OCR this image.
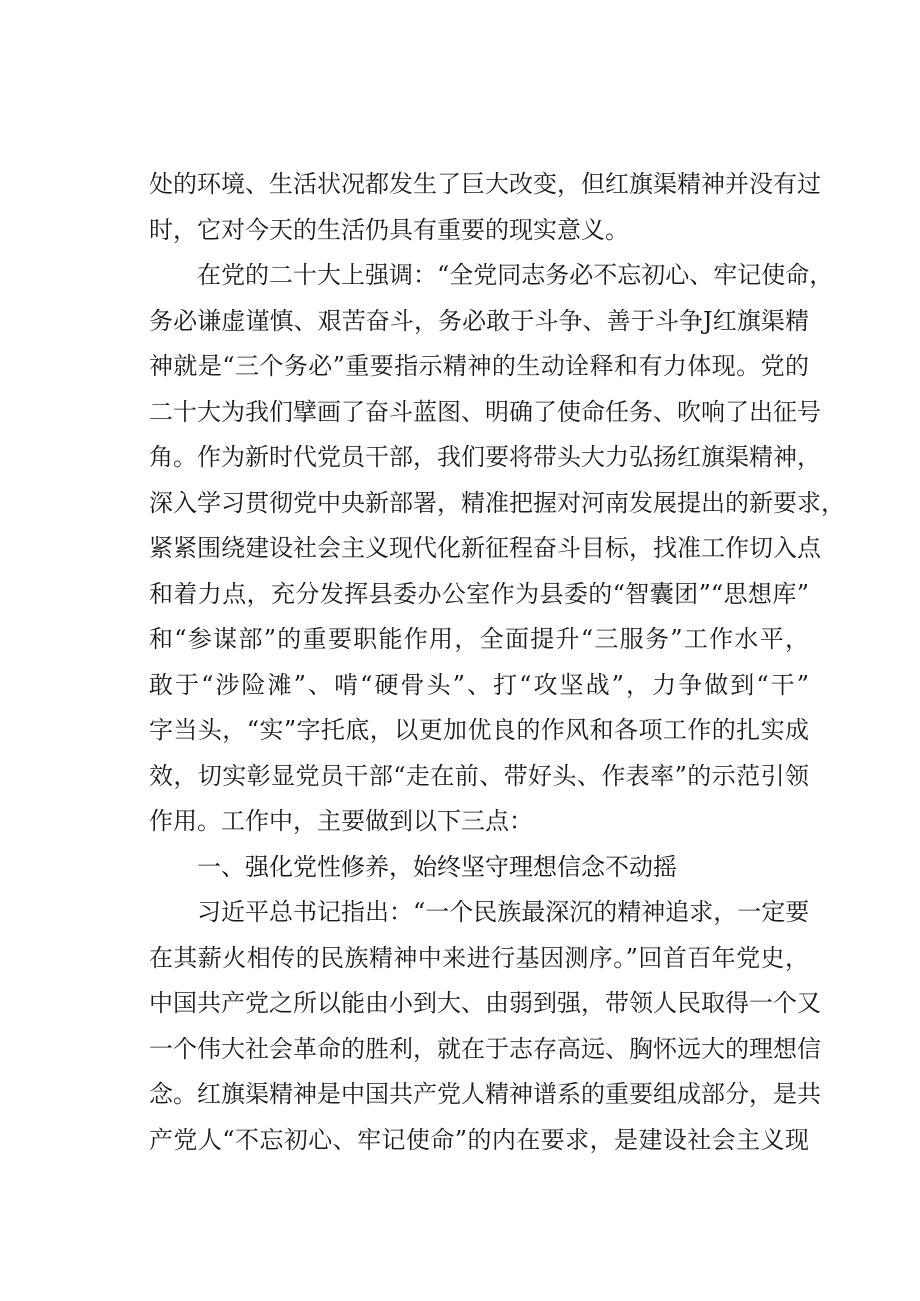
处的环境、生活状况都发生了巨大改变，但红旗渠精神并没有过
时，它对今天的生活仍具有重要的现实意义。
在党的二十大上强调：“全党同志务必不忘初心、牢记使命，
务必谦虚谨慎、艰苦奋斗，务必敢于斗争、善于斗争J红旗渠精
神就是“三个务必”重要指示精神的生动诠释和有力体现。党的
二十大为我们擘画了奋斗蓝图、明确了使命任务、吹响了出征号
角。作为新时代党员干部，我们要将带头大力弘扬红旗渠精神，
深入学习贯彻党中央新部署，精准把握对河南发展提出的新要求，
紧紧围绕建设社会主义现代化新征程奋斗目标，找准工作切入点
和着力点，充分发挥县委办公室作为县委的“智囊团”“思想库”
和“参谋部”的重要职能作用，全面提升“三服务”工作水平，
敢于“涉险滩”、啃“硬骨头”、打“攻坚战”，力争做到“干”
字当头，“实”字托底，以更加优良的作风和各项工作的扎实成
效，切实彰显党员干部“走在前、带好头、作表率”的示范引领
作用。工作中，主要做到以下三点：
一、强化党性修养，始终坚守理想信念不动摇
习近平总书记指出：“一个民族最深沉的精神追求，一定要
在其薪火相传的民族精神中来进行基因测序。”回首百年党史，
中国共产党之所以能由小到大、由弱到强，带领人民取得一个又
一个伟大社会革命的胜利，就在于志存高远、胸怀远大的理想信
念。红旗渠精神是中国共产党人精神谱系的重要组成部分，是共
产党人“不忘初心、牢记使命”的内在要求，是建设社会主义现
